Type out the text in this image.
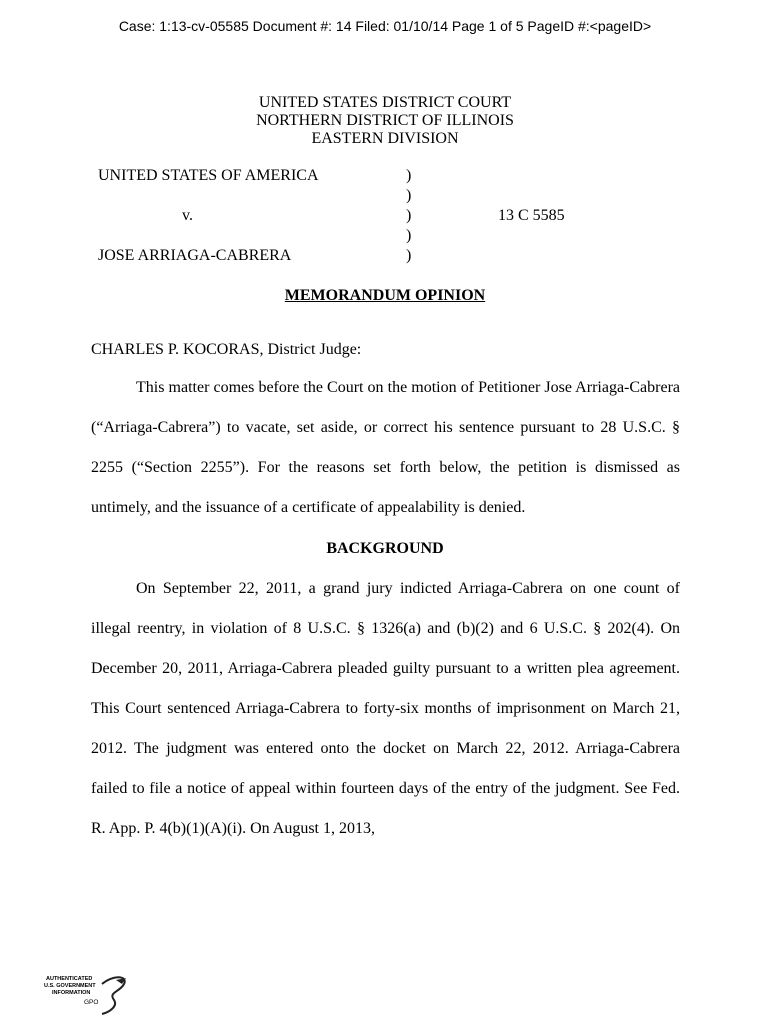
Case: 1:13-cv-05585 Document #: 14 Filed: 01/10/14 Page 1 of 5 PageID #:<pageID>
UNITED STATES DISTRICT COURT
NORTHERN DISTRICT OF ILLINOIS
EASTERN DIVISION
UNITED STATES OF AMERICA

v.

JOSE ARRIAGA-CABRERA
)
)
)
)
)
13 C 5585
MEMORANDUM OPINION
CHARLES P. KOCORAS, District Judge:

This matter comes before the Court on the motion of Petitioner Jose Arriaga-Cabrera (“Arriaga-Cabrera”) to vacate, set aside, or correct his sentence pursuant to 28 U.S.C. § 2255 (“Section 2255”). For the reasons set forth below, the petition is dismissed as untimely, and the issuance of a certificate of appealability is denied.

BACKGROUND

On September 22, 2011, a grand jury indicted Arriaga-Cabrera on one count of illegal reentry, in violation of 8 U.S.C. § 1326(a) and (b)(2) and 6 U.S.C. § 202(4). On December 20, 2011, Arriaga-Cabrera pleaded guilty pursuant to a written plea agreement. This Court sentenced Arriaga-Cabrera to forty-six months of imprisonment on March 21, 2012. The judgment was entered onto the docket on March 22, 2012. Arriaga-Cabrera failed to file a notice of appeal within fourteen days of the entry of the judgment. See Fed. R. App. P. 4(b)(1)(A)(i). On August 1, 2013,

AUTHENTICATED
U.S. GOVERNMENT
INFORMATION
GPO
